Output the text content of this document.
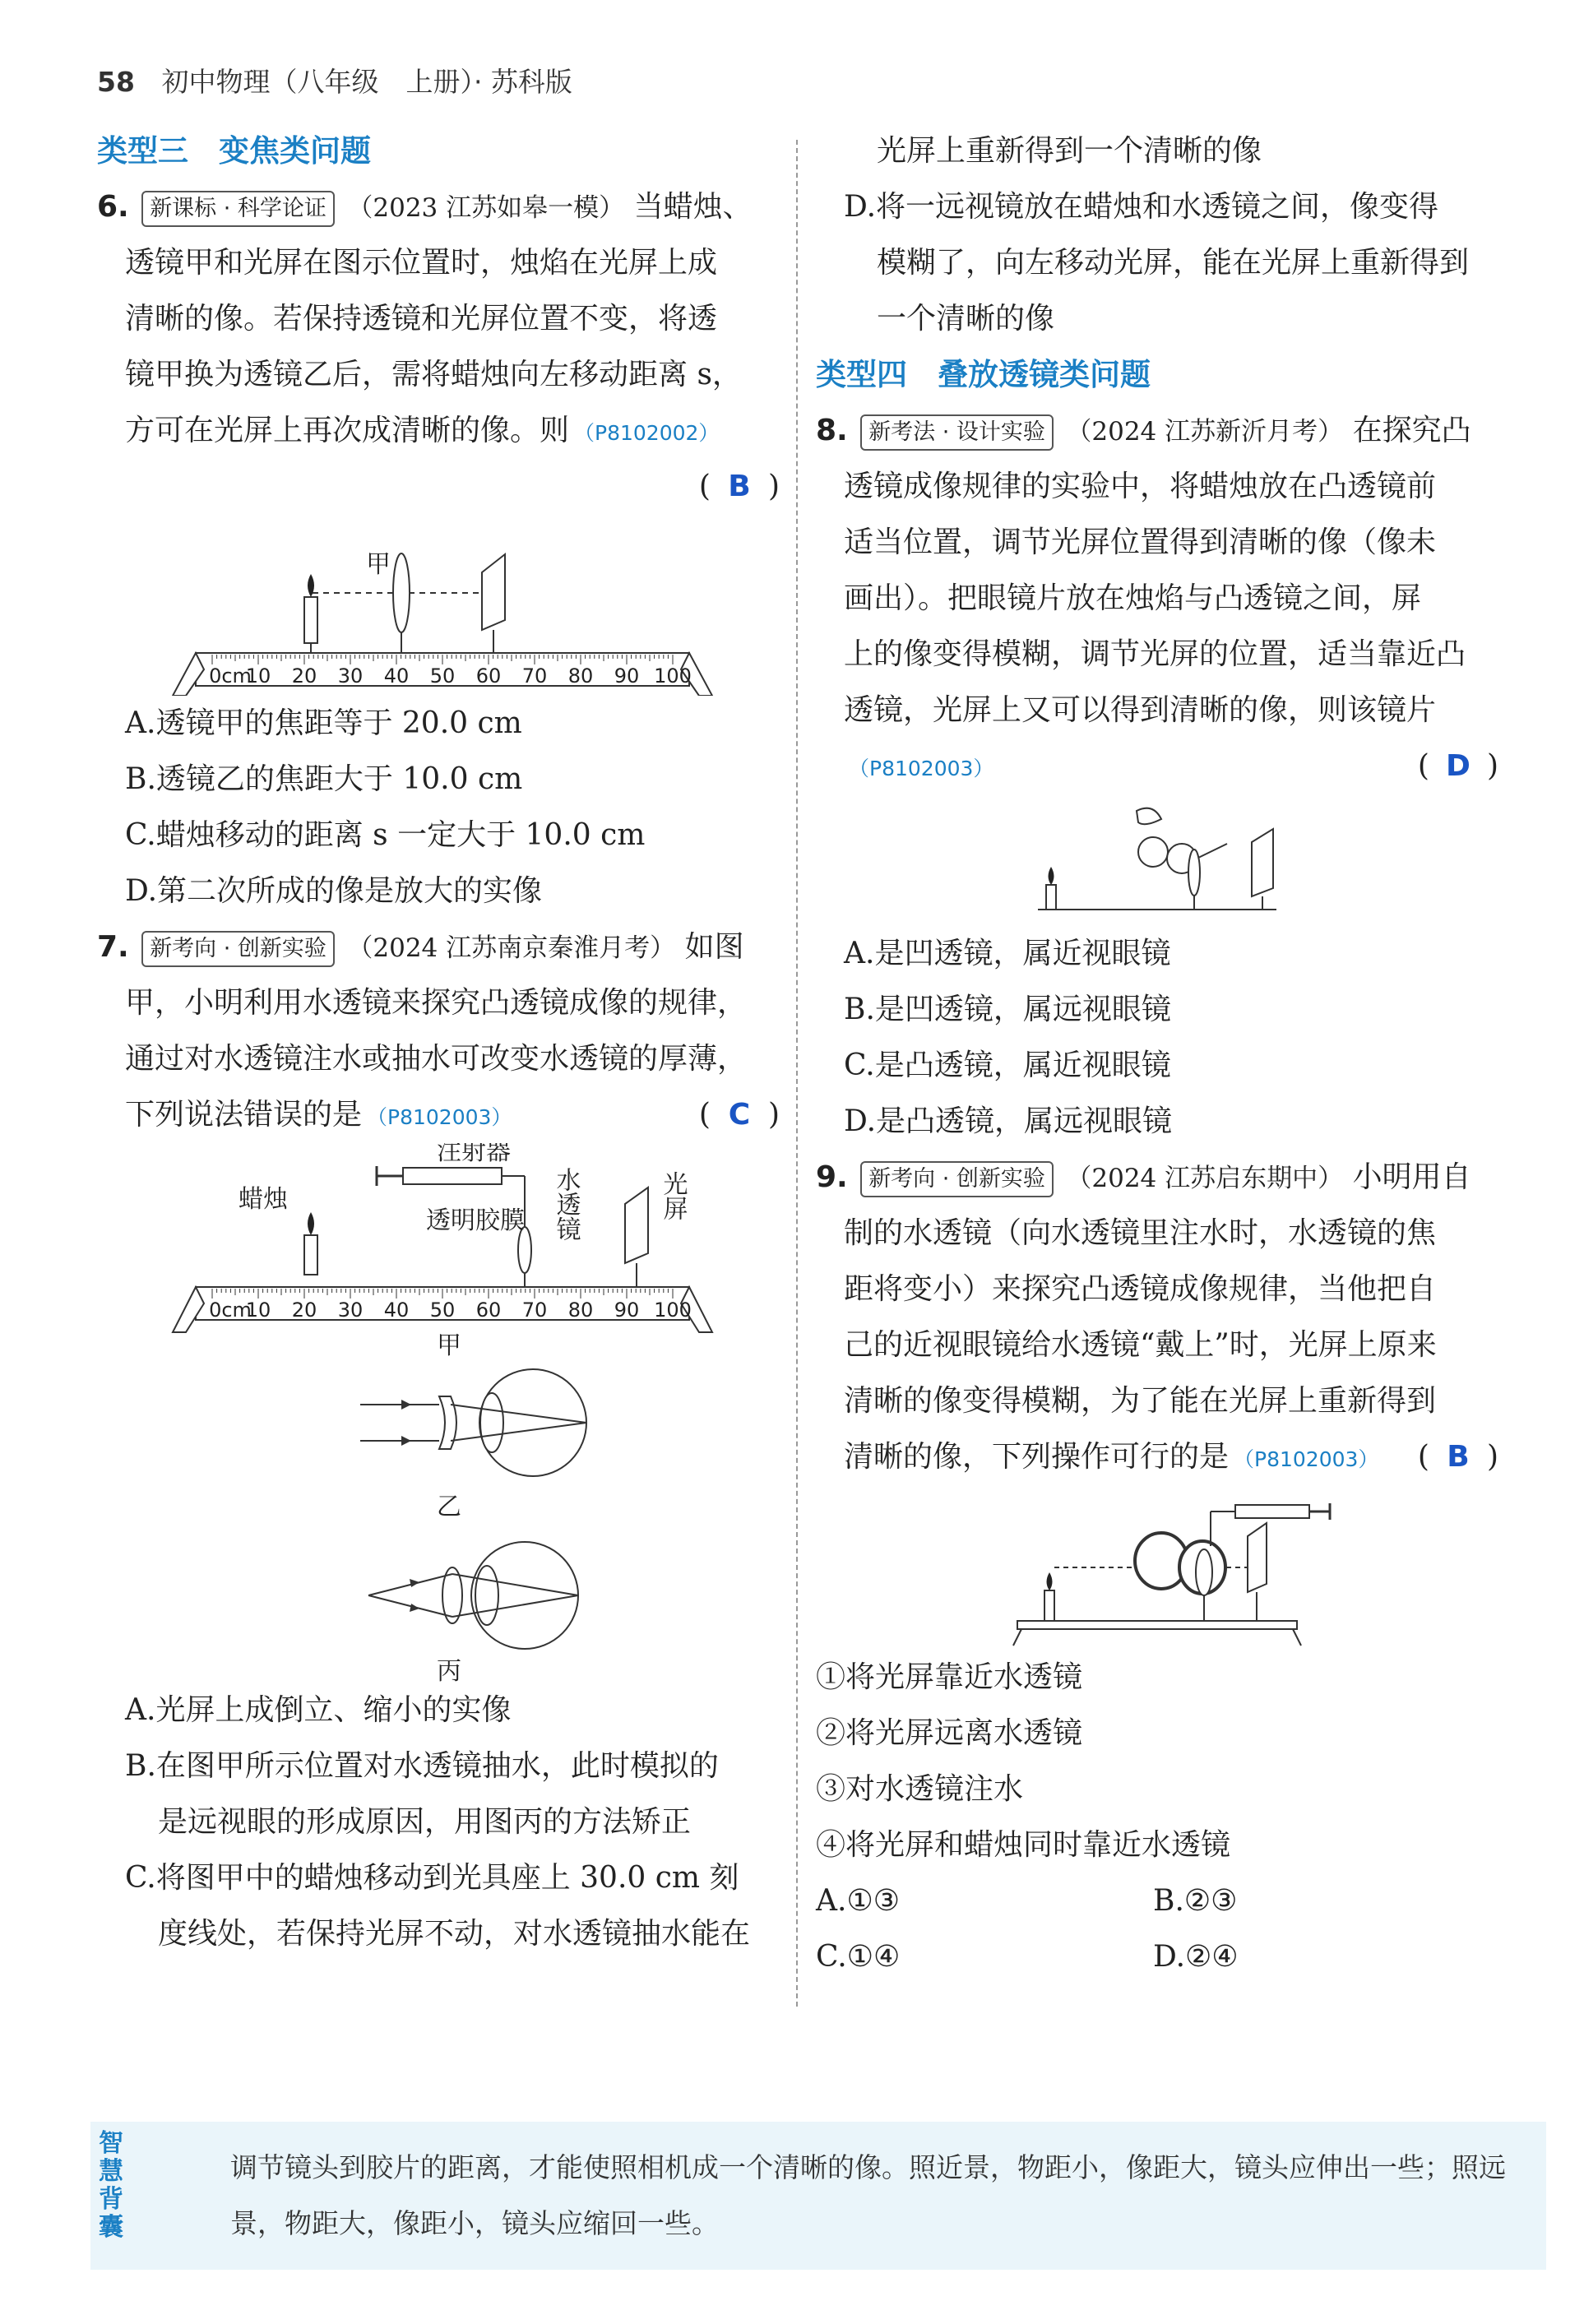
58 初中物理（八年级　上册）· 苏科版
类型三　变焦类问题
6. 新课标 · 科学论证 （2023 江苏如皋一模） 当蜡烛、
透镜甲和光屏在图示位置时，烛焰在光屏上成
清晰的像。若保持透镜和光屏位置不变，将透
镜甲换为透镜乙后，需将蜡烛向左移动距离 s，
方可在光屏上再次成清晰的像。则 （P8102002）
( B )
甲
0cm
10 20 30 40 50 60 70 80 90 100
A.透镜甲的焦距等于 20.0 cm
B.透镜乙的焦距大于 10.0 cm
C.蜡烛移动的距离 s 一定大于 10.0 cm
D.第二次所成的像是放大的实像
7. 新考向 · 创新实验 （2024 江苏南京秦淮月考） 如图
甲，小明利用水透镜来探究凸透镜成像的规律，
通过对水透镜注水或抽水可改变水透镜的厚薄，
下列说法错误的是 （P8102003）	( C )
注射器
蜡烛
透明胶膜 水透镜	光屏
0cm
10 20 30 40 50 60 70 80 90 100
甲
乙
丙
A.光屏上成倒立、缩小的实像
B.在图甲所示位置对水透镜抽水，此时模拟的
是远视眼的形成原因，用图丙的方法矫正
C.将图甲中的蜡烛移动到光具座上 30.0 cm 刻
度线处，若保持光屏不动，对水透镜抽水能在
光屏上重新得到一个清晰的像
D.将一远视镜放在蜡烛和水透镜之间，像变得
模糊了，向左移动光屏，能在光屏上重新得到
一个清晰的像
类型四　叠放透镜类问题
8. 新考法 · 设计实验 （2024 江苏新沂月考） 在探究凸
透镜成像规律的实验中，将蜡烛放在凸透镜前
适当位置，调节光屏位置得到清晰的像（像未
画出）。把眼镜片放在烛焰与凸透镜之间，屏
上的像变得模糊，调节光屏的位置，适当靠近凸
透镜，光屏上又可以得到清晰的像，则该镜片
（P8102003）	( D )
A.是凹透镜，属近视眼镜
B.是凹透镜，属远视眼镜
C.是凸透镜，属近视眼镜
D.是凸透镜，属远视眼镜
9. 新考向 · 创新实验 （2024 江苏启东期中） 小明用自
制的水透镜（向水透镜里注水时，水透镜的焦
距将变小）来探究凸透镜成像规律，当他把自
己的近视眼镜给水透镜“戴上”时，光屏上原来
清晰的像变得模糊，为了能在光屏上重新得到
清晰的像，下列操作可行的是 （P8102003） ( B )
①将光屏靠近水透镜
②将光屏远离水透镜
③对水透镜注水
④将光屏和蜡烛同时靠近水透镜
A.①③	B.②③
C.①④	D.②④
智慧背囊
调节镜头到胶片的距离，才能使照相机成一个清晰的像。照近景，物距小，像距大，镜头应伸出一些；照远景，物距大，像距小，镜头应缩回一些。
